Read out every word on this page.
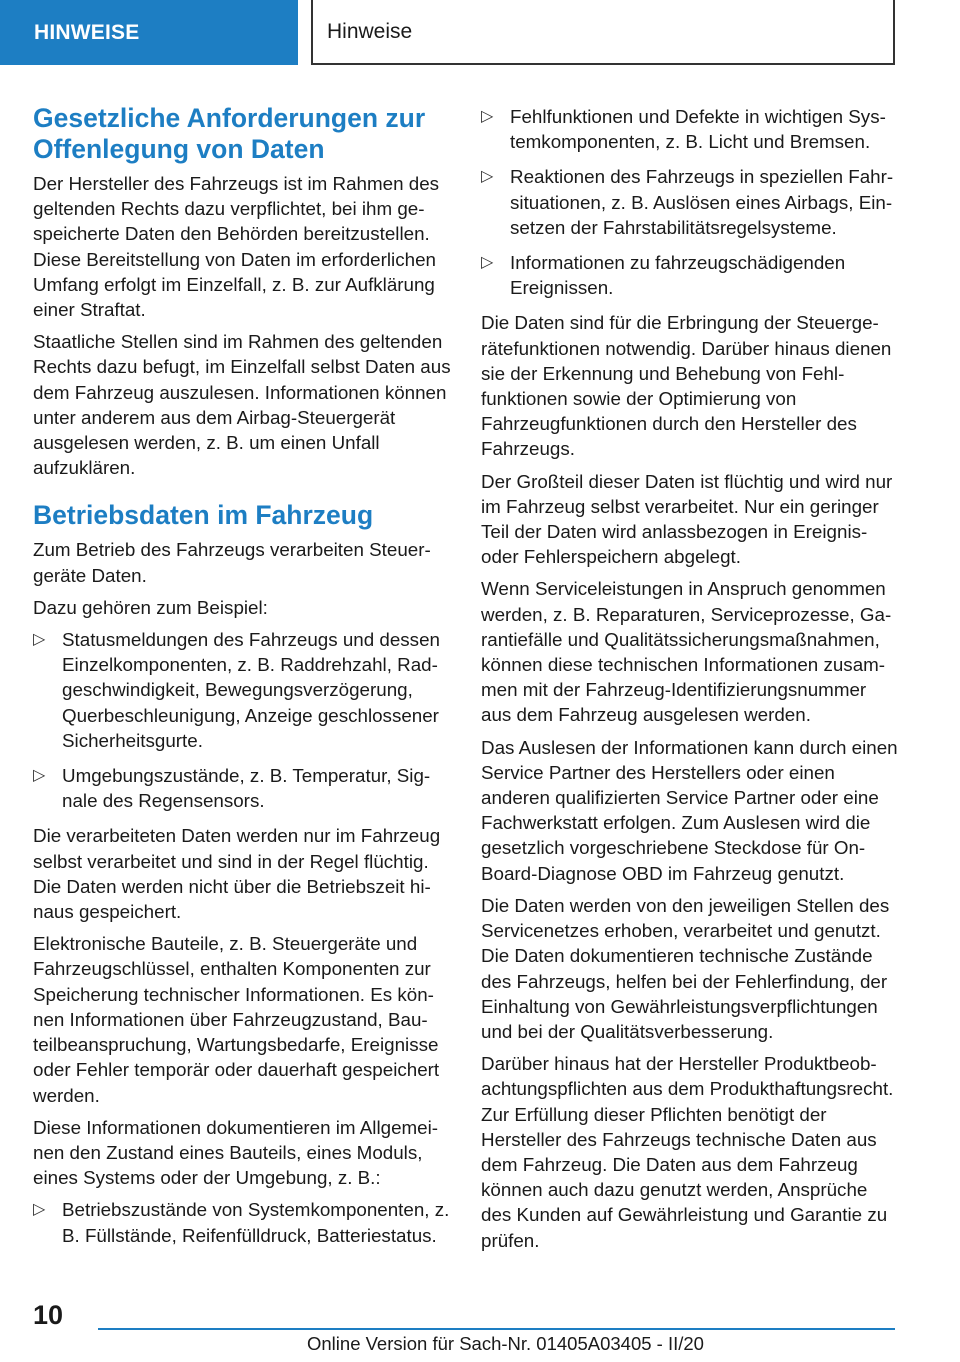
HINWEISE	Hinweise
Gesetzliche Anforderungen zur Offenlegung von Daten

Der Hersteller des Fahrzeugs ist im Rahmen des geltenden Rechts dazu verpflichtet, bei ihm gespeicherte Daten den Behörden bereitzustellen. Diese Bereitstellung von Daten im erforderlichen Umfang erfolgt im Einzelfall, z. B. zur Aufklärung einer Straftat.

Staatliche Stellen sind im Rahmen des geltenden Rechts dazu befugt, im Einzelfall selbst Daten aus dem Fahrzeug auszulesen. Informationen können unter anderem aus dem Airbag-Steuergerät ausgelesen werden, z. B. um einen Unfall aufzuklären.

Betriebsdaten im Fahrzeug

Zum Betrieb des Fahrzeugs verarbeiten Steuergeräte Daten.

Dazu gehören zum Beispiel:

▷ Statusmeldungen des Fahrzeugs und dessen Einzelkomponenten, z. B. Raddrehzahl, Radgeschwindigkeit, Bewegungsverzögerung, Querbeschleunigung, Anzeige geschlossener Sicherheitsgurte.
▷ Umgebungszustände, z. B. Temperatur, Signale des Regensensors.

Die verarbeiteten Daten werden nur im Fahrzeug selbst verarbeitet und sind in der Regel flüchtig. Die Daten werden nicht über die Betriebszeit hinaus gespeichert.

Elektronische Bauteile, z. B. Steuergeräte und Fahrzeugschlüssel, enthalten Komponenten zur Speicherung technischer Informationen. Es können Informationen über Fahrzeugzustand, Bauteilbeanspruchung, Wartungsbedarfe, Ereignisse oder Fehler temporär oder dauerhaft gespeichert werden.

Diese Informationen dokumentieren im Allgemeinen den Zustand eines Bauteils, eines Moduls, eines Systems oder der Umgebung, z. B.:

▷ Betriebszustände von Systemkomponenten, z. B. Füllstände, Reifenfülldruck, Batteriestatus.
▷ Fehlfunktionen und Defekte in wichtigen Systemkomponenten, z. B. Licht und Bremsen.
▷ Reaktionen des Fahrzeugs in speziellen Fahrsituationen, z. B. Auslösen eines Airbags, Einsetzen der Fahrstabilitätsregelsysteme.
▷ Informationen zu fahrzeugschädigenden Ereignissen.

Die Daten sind für die Erbringung der Steuergerätefunktionen notwendig. Darüber hinaus dienen sie der Erkennung und Behebung von Fehlfunktionen sowie der Optimierung von Fahrzeugfunktionen durch den Hersteller des Fahrzeugs.

Der Großteil dieser Daten ist flüchtig und wird nur im Fahrzeug selbst verarbeitet. Nur ein geringer Teil der Daten wird anlassbezogen in Ereignis- oder Fehlerspeichern abgelegt.

Wenn Serviceleistungen in Anspruch genommen werden, z. B. Reparaturen, Serviceprozesse, Garantiefälle und Qualitätssicherungsmaßnahmen, können diese technischen Informationen zusammen mit der Fahrzeug-Identifizierungsnummer aus dem Fahrzeug ausgelesen werden.

Das Auslesen der Informationen kann durch einen Service Partner des Herstellers oder einen anderen qualifizierten Service Partner oder eine Fachwerkstatt erfolgen. Zum Auslesen wird die gesetzlich vorgeschriebene Steckdose für On-Board-Diagnose OBD im Fahrzeug genutzt.

Die Daten werden von den jeweiligen Stellen des Servicenetzes erhoben, verarbeitet und genutzt. Die Daten dokumentieren technische Zustände des Fahrzeugs, helfen bei der Fehlerfindung, der Einhaltung von Gewährleistungsverpflichtungen und bei der Qualitätsverbesserung.

Darüber hinaus hat der Hersteller Produktbeobachtungspflichten aus dem Produkthaftungsrecht. Zur Erfüllung dieser Pflichten benötigt der Hersteller des Fahrzeugs technische Daten aus dem Fahrzeug. Die Daten aus dem Fahrzeug können auch dazu genutzt werden, Ansprüche des Kunden auf Gewährleistung und Garantie zu prüfen.

10
Online Version für Sach-Nr. 01405A03405 - II/20
